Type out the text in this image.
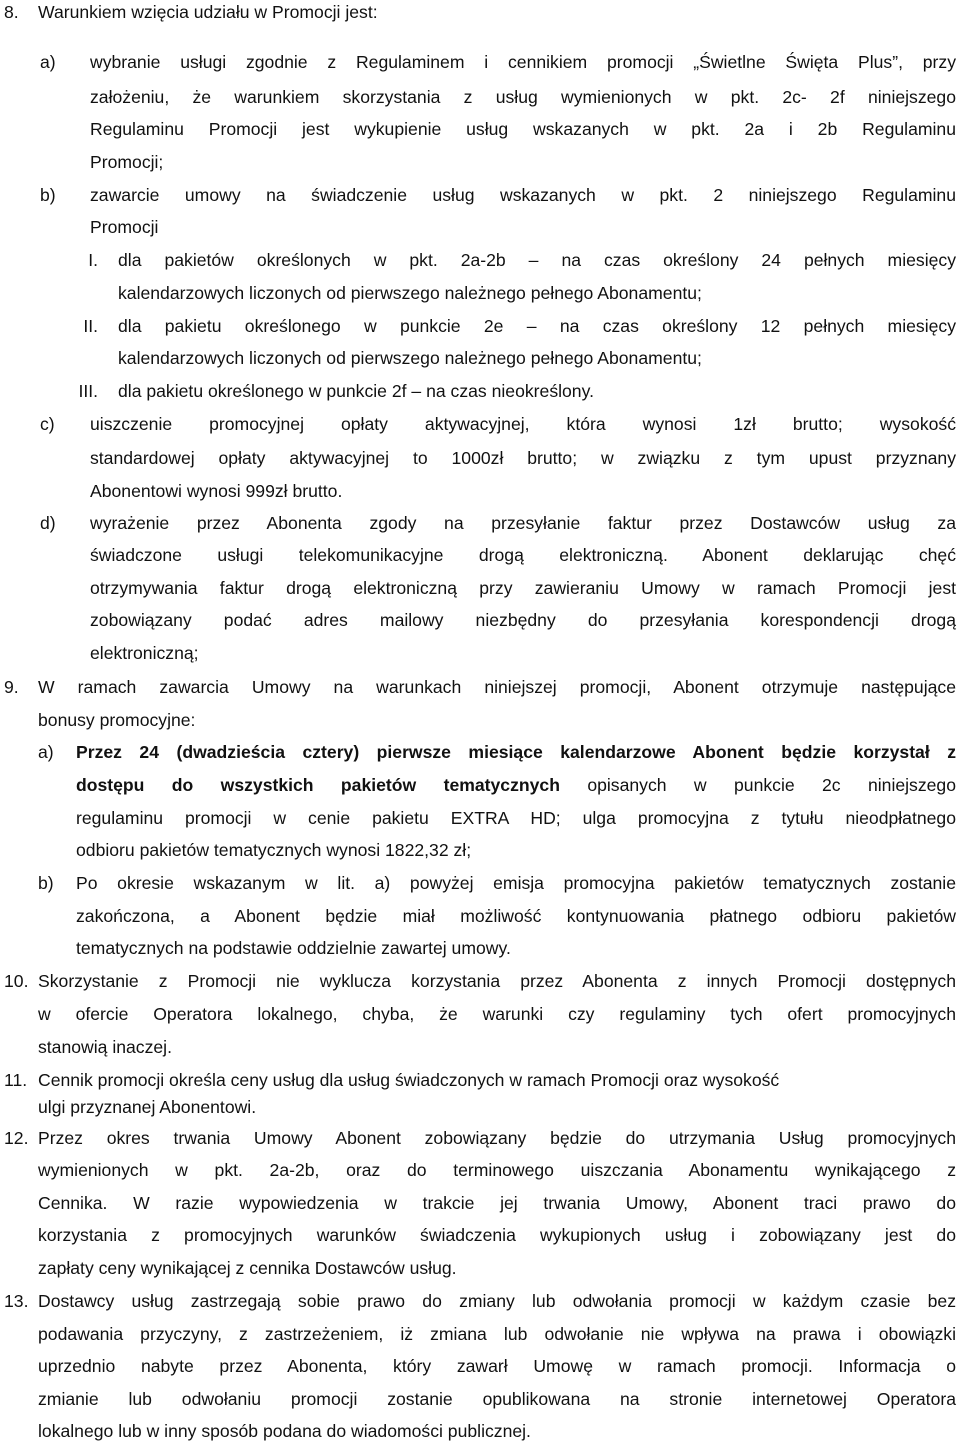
8. Warunkiem wzięcia udziału w Promocji jest:

a) wybranie usługi zgodnie z Regulaminem i cennikiem promocji „Świetlne Święta Plus”, przy

założeniu, że warunkiem skorzystania z usług wymienionych w pkt. 2c- 2f niniejszego

Regulaminu Promocji jest wykupienie usług wskazanych w pkt. 2a i 2b Regulaminu

Promocji;

b) zawarcie umowy na świadczenie usług wskazanych w pkt. 2 niniejszego Regulaminu

Promocji

I. dla pakietów określonych w pkt. 2a-2b – na czas określony 24 pełnych miesięcy

kalendarzowych liczonych od pierwszego należnego pełnego Abonamentu;

II. dla pakietu określonego w punkcie 2e – na czas określony 12 pełnych miesięcy

kalendarzowych liczonych od pierwszego należnego pełnego Abonamentu;

III. dla pakietu określonego w punkcie 2f – na czas nieokreślony.

c) uiszczenie promocyjnej opłaty aktywacyjnej, która wynosi 1zł brutto; wysokość

standardowej opłaty aktywacyjnej to 1000zł brutto; w związku z tym upust przyznany

Abonentowi wynosi 999zł brutto.

d) wyrażenie przez Abonenta zgody na przesyłanie faktur przez Dostawców usług za

świadczone usługi telekomunikacyjne drogą elektroniczną. Abonent deklarując chęć

otrzymywania faktur drogą elektroniczną przy zawieraniu Umowy w ramach Promocji jest

zobowiązany podać adres mailowy niezbędny do przesyłania korespondencji drogą

elektroniczną;

9. W ramach zawarcia Umowy na warunkach niniejszej promocji, Abonent otrzymuje następujące

bonusy promocyjne:

a) Przez 24 (dwadzieścia cztery) pierwsze miesiące kalendarzowe Abonent będzie korzystał z

dostępu do wszystkich pakietów tematycznych opisanych w punkcie 2c niniejszego

regulaminu promocji w cenie pakietu EXTRA HD; ulga promocyjna z tytułu nieodpłatnego

odbioru pakietów tematycznych wynosi 1822,32 zł;

b) Po okresie wskazanym w lit. a) powyżej emisja promocyjna pakietów tematycznych zostanie

zakończona, a Abonent będzie miał możliwość kontynuowania płatnego odbioru pakietów

tematycznych na podstawie oddzielnie zawartej umowy.

10. Skorzystanie z Promocji nie wyklucza korzystania przez Abonenta z innych Promocji dostępnych

w ofercie Operatora lokalnego, chyba, że warunki czy regulaminy tych ofert promocyjnych

stanowią inaczej.

11. Cennik promocji określa ceny usług dla usług świadczonych w ramach Promocji oraz wysokość

ulgi przyznanej Abonentowi.

12. Przez okres trwania Umowy Abonent zobowiązany będzie do utrzymania Usług promocyjnych

wymienionych w pkt. 2a-2b, oraz do terminowego uiszczania Abonamentu wynikającego z

Cennika. W razie wypowiedzenia w trakcie jej trwania Umowy, Abonent traci prawo do

korzystania z promocyjnych warunków świadczenia wykupionych usług i zobowiązany jest do

zapłaty ceny wynikającej z cennika Dostawców usług.

13. Dostawcy usług zastrzegają sobie prawo do zmiany lub odwołania promocji w każdym czasie bez

podawania przyczyny, z zastrzeżeniem, iż zmiana lub odwołanie nie wpływa na prawa i obowiązki

uprzednio nabyte przez Abonenta, który zawarł Umowę w ramach promocji. Informacja o

zmianie lub odwołaniu promocji zostanie opublikowana na stronie internetowej Operatora

lokalnego lub w inny sposób podana do wiadomości publicznej.
